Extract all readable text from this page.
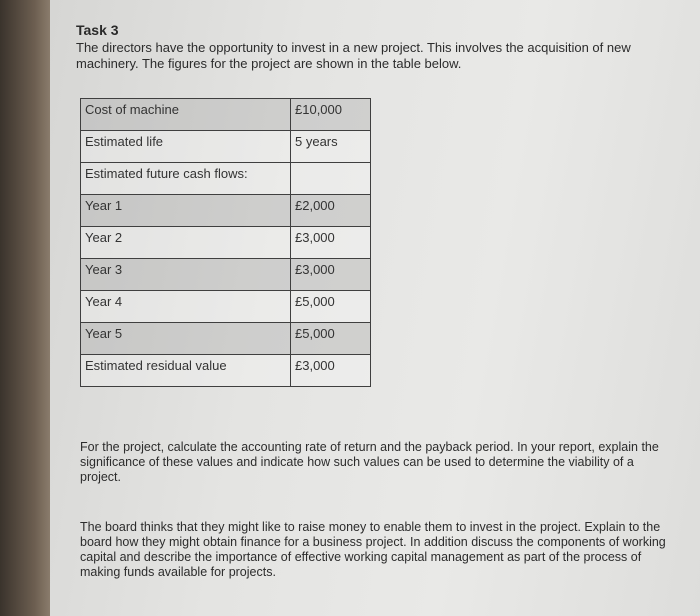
Task 3
The directors have the opportunity to invest in a new project. This involves the acquisition of new machinery. The figures for the project are shown in the table below.
Cost of machine	£10,000
Estimated life	5 years
Estimated future cash flows:	
Year 1	£2,000
Year 2	£3,000
Year 3	£3,000
Year 4	£5,000
Year 5	£5,000
Estimated residual value	£3,000
For the project, calculate the accounting rate of return and the payback period. In your report, explain the significance of these values and indicate how such values can be used to determine the viability of a project.
The board thinks that they might like to raise money to enable them to invest in the project. Explain to the board how they might obtain finance for a business project. In addition discuss the components of working capital and describe the importance of effective working capital management as part of the process of making funds available for projects.
